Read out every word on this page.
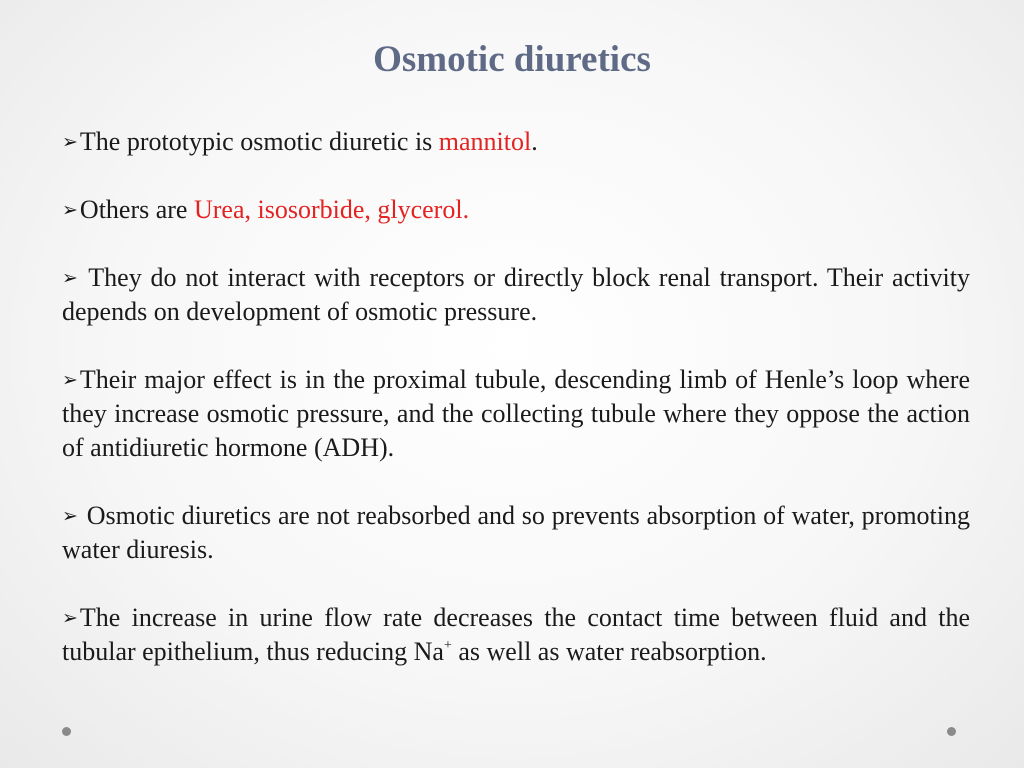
Osmotic diuretics

➢The prototypic osmotic diuretic is mannitol.

➢Others are Urea, isosorbide, glycerol.

➢ They do not interact with receptors or directly block renal transport. Their activity depends on development of osmotic pressure.

➢Their major effect is in the proximal tubule, descending limb of Henle’s loop where they increase osmotic pressure, and the collecting tubule where they oppose the action of antidiuretic hormone (ADH).

➢ Osmotic diuretics are not reabsorbed and so prevents absorption of water, promoting water diuresis.

➢The increase in urine flow rate decreases the contact time between fluid and the tubular epithelium, thus reducing Na+ as well as water reabsorption.
